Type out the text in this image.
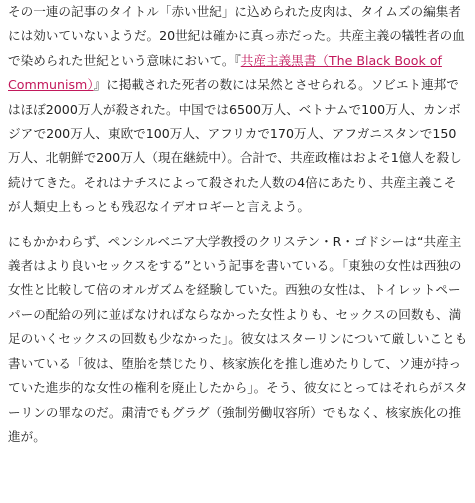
その一連の記事のタイトル「赤い世紀」に込められた皮肉は、タイムズの編集者には効いていないようだ。20世紀は確かに真っ赤だった。共産主義の犠牲者の血で染められた世紀という意味において。『共産主義黒書（The Black Book of Communism）』に掲載された死者の数には呆然とさせられる。ソビエト連邦ではほぼ2000万人が殺された。中国では6500万人、ベトナムで100万人、カンボジアで200万人、東欧で100万人、アフリカで170万人、アフガニスタンで150万人、北朝鮮で200万人（現在継続中）。合計で、共産政権はおよそ1億人を殺し続けてきた。それはナチスによって殺された人数の4倍にあたり、共産主義こそが人類史上もっとも残忍なイデオロギーと言えよう。

にもかかわらず、ペンシルベニア大学教授のクリステン・R・ゴドシーは“共産主義者はより良いセックスをする”という記事を書いている。「東独の女性は西独の女性と比較して倍のオルガズムを経験していた。西独の女性は、トイレットペーパーの配給の列に並ばなければならなかった女性よりも、セックスの回数も、満足のいくセックスの回数も少なかった」。彼女はスターリンについて厳しいことも書いている「彼は、堕胎を禁じたり、核家族化を推し進めたりして、ソ連が持っていた進歩的な女性の権利を廃止したから」。そう、彼女にとってはそれらがスターリンの罪なのだ。粛清でもグラグ（強制労働収容所）でもなく、核家族化の推進が。
